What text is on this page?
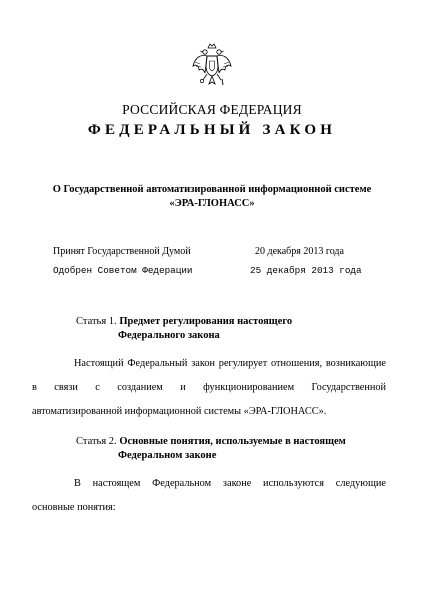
РОССИЙСКАЯ ФЕДЕРАЦИЯ
ФЕДЕРАЛЬНЫЙ ЗАКОН
О Государственной автоматизированной информационной системе
«ЭРА-ГЛОНАСС»
Принят Государственной Думой	20 декабря 2013 года
Одобрен Советом Федерации	25 декабря 2013 года
Статья 1. Предмет регулирования настоящего
Федерального закона
Настоящий Федеральный закон регулирует отношения, возникающие
в связи с созданием и функционированием Государственной
автоматизированной информационной системы «ЭРА-ГЛОНАСС».
Статья 2. Основные понятия, используемые в настоящем
Федеральном законе
В настоящем Федеральном законе используются следующие
основные понятия:
